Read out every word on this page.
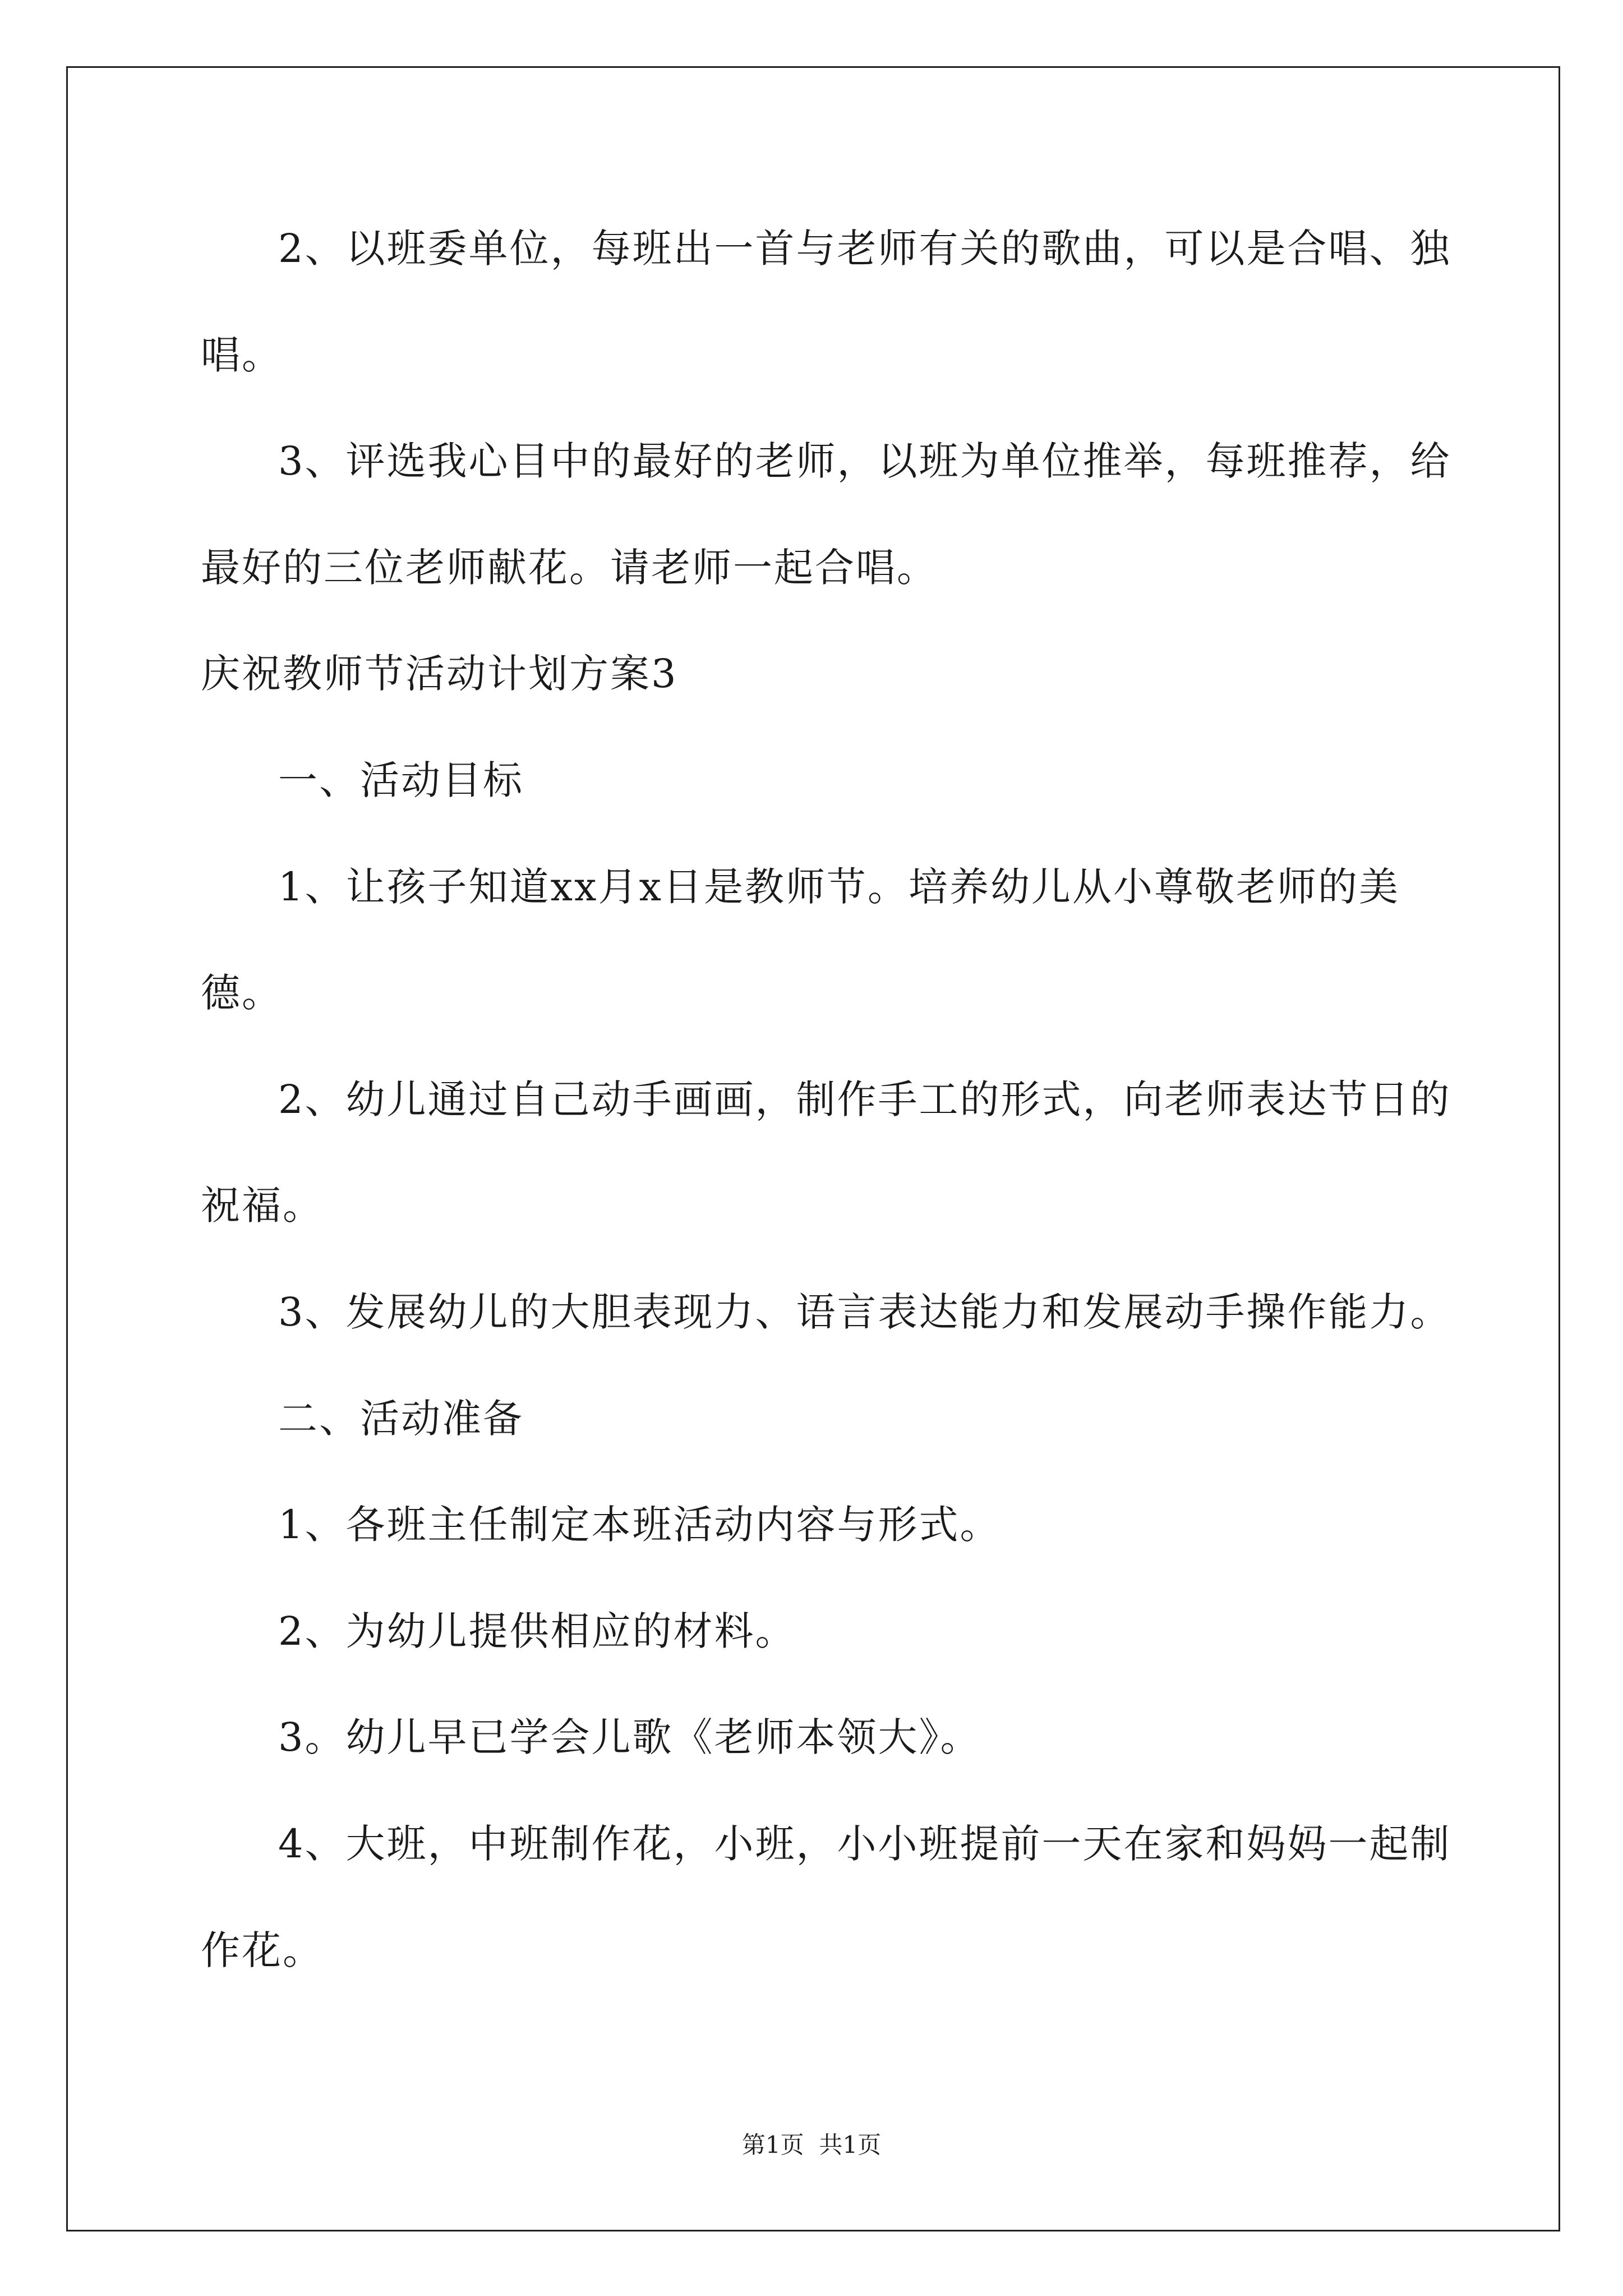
2、以班委单位，每班出一首与老师有关的歌曲，可以是合唱、独
唱。
3、评选我心目中的最好的老师，以班为单位推举，每班推荐，给
最好的三位老师献花。请老师一起合唱。
庆祝教师节活动计划方案3
一、活动目标
1、让孩子知道xx月x日是教师节。培养幼儿从小尊敬老师的美
德。
2、幼儿通过自己动手画画，制作手工的形式，向老师表达节日的
祝福。
3、发展幼儿的大胆表现力、语言表达能力和发展动手操作能力。
二、活动准备
1、各班主任制定本班活动内容与形式。
2、为幼儿提供相应的材料。
3。幼儿早已学会儿歌《老师本领大》。
4、大班，中班制作花，小班，小小班提前一天在家和妈妈一起制
作花。
第1页  共1页
